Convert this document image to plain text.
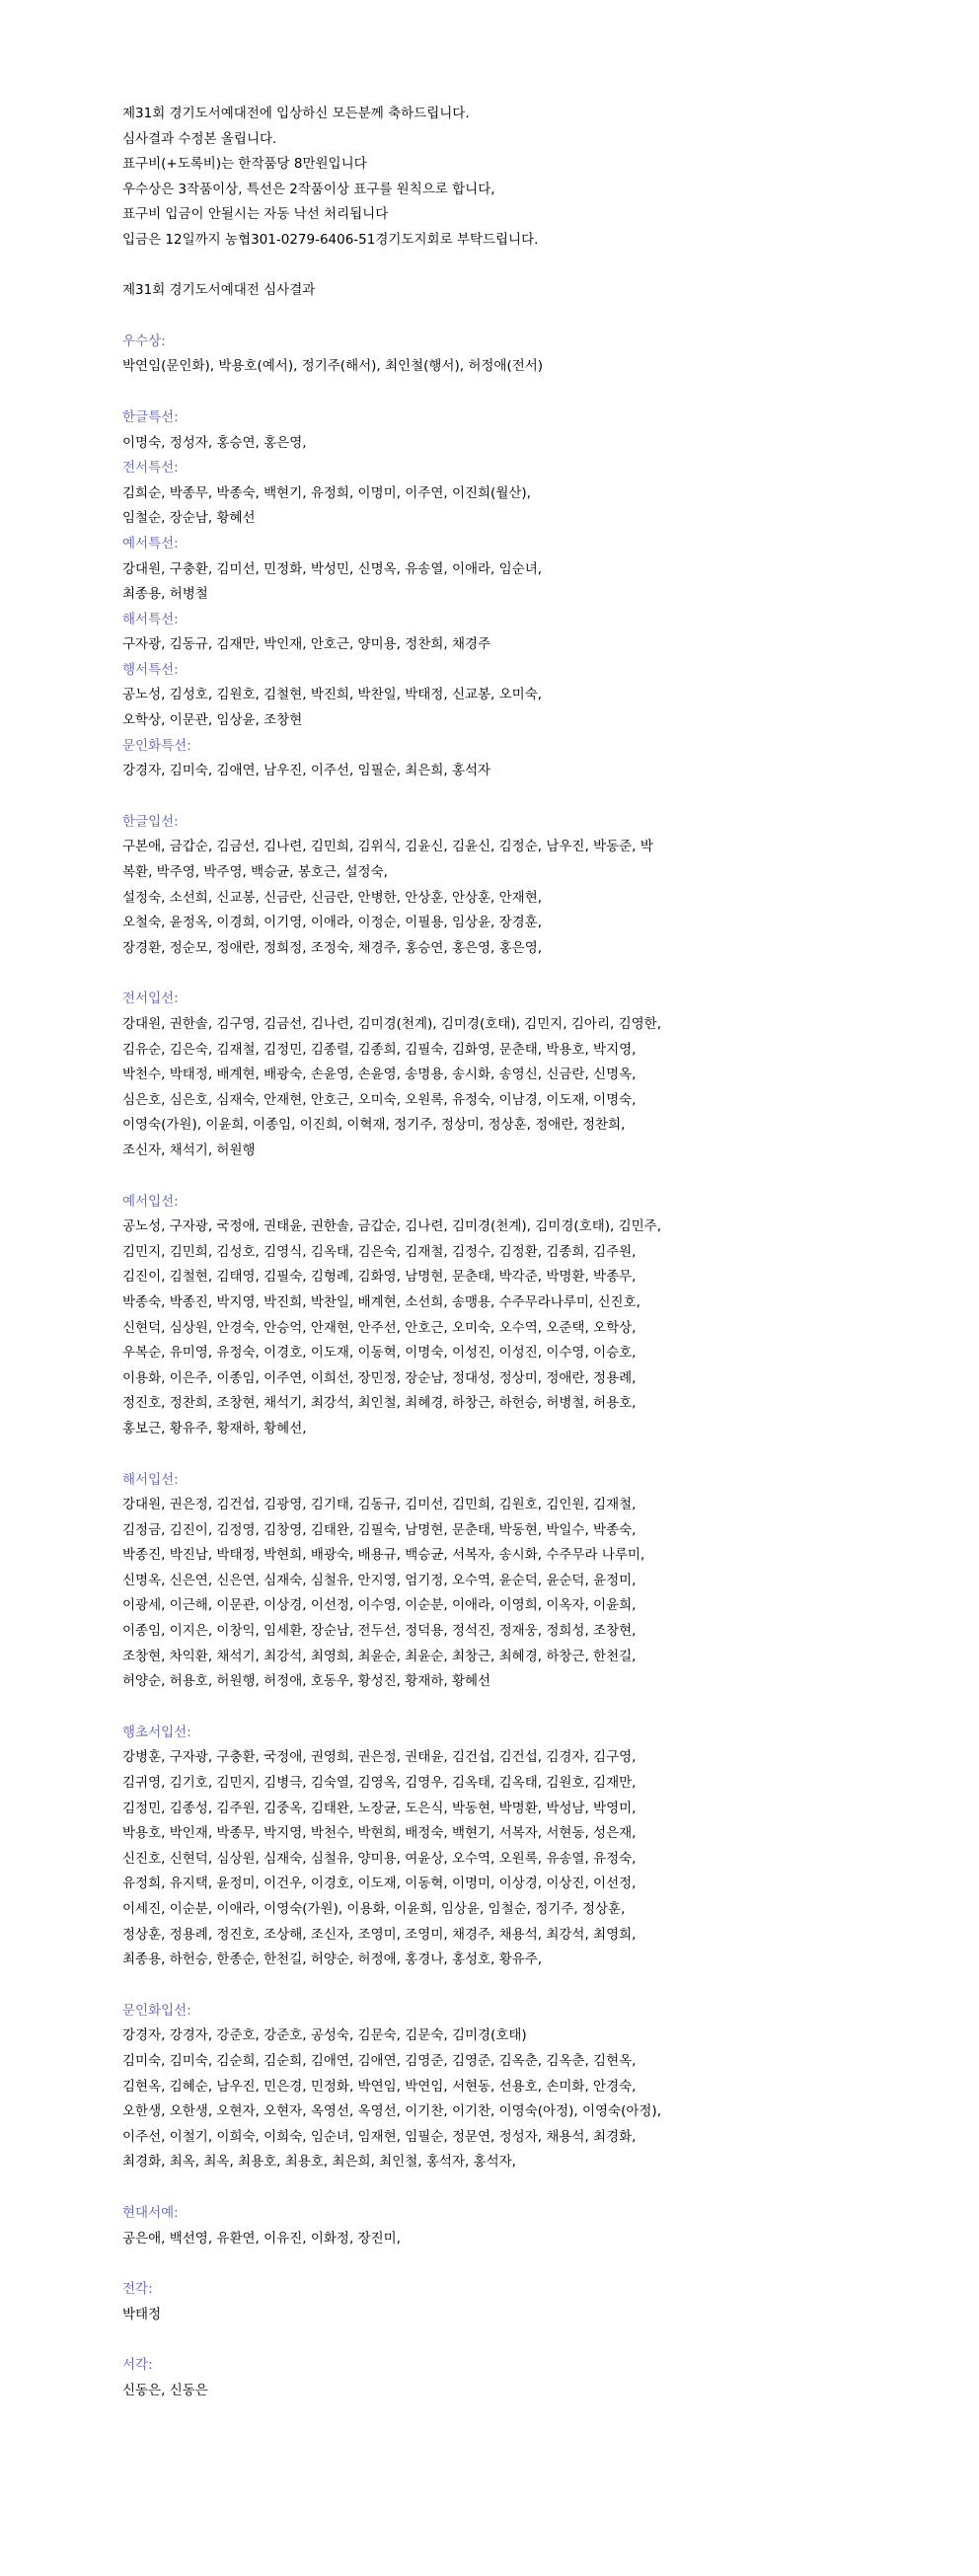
제31회 경기도서예대전에 입상하신 모든분께 축하드립니다.
심사결과 수정본 올립니다.
표구비(+도록비)는 한작품당 8만원입니다
우수상은 3작품이상, 특선은 2작품이상 표구를 원칙으로 합니다,
표구비 입금이 안될시는 자동 낙선 처리됩니다
입금은 12일까지 농협301-0279-6406-51경기도지회로 부탁드립니다.
제31회 경기도서예대전 심사결과
우수상:
박연임(문인화), 박용호(예서), 정기주(해서), 최인철(행서), 허정애(전서)
한글특선:
이명숙, 정성자, 홍승연, 홍은영,
전서특선:
김희순, 박종무, 박종숙, 백현기, 유정희, 이명미, 이주연, 이진희(월산),
임철순, 장순남, 황혜선
예서특선:
강대원, 구충환, 김미선, 민정화, 박성민, 신명옥, 유송열, 이애라, 임순녀,
최종용, 허병철
해서특선:
구자광, 김동규, 김재만, 박인재, 안호근, 양미용, 정찬희, 채경주
행서특선:
공노성, 김성호, 김원호, 김철현, 박진희, 박찬일, 박태정, 신교봉, 오미숙,
오학상, 이문관, 임상윤, 조창현
문인화특선:
강경자, 김미숙, 김애연, 남우진, 이주선, 임필순, 최은희, 홍석자
한글입선:
구본애, 금갑순, 김금선, 김나련, 김민희, 김위식, 김윤신, 김윤신, 김정순, 남우진, 박동준, 박
복환, 박주영, 박주영, 백승균, 봉호근, 설정숙,
설정숙, 소선희, 신교봉, 신금란, 신금란, 안병한, 안상훈, 안상훈, 안재현,
오철숙, 윤정옥, 이경희, 이기영, 이애라, 이정순, 이필용, 임상윤, 장경훈,
장경환, 정순모, 정애란, 정희정, 조정숙, 채경주, 홍승연, 홍은영, 홍은영,
전서입선:
강대원, 권한솔, 김구영, 김금선, 김나련, 김미경(천계), 김미경(호태), 김민지, 김아리, 김영한,
김유순, 김은숙, 김재철, 김정민, 김종렬, 김종희, 김필숙, 김화영, 문춘태, 박용호, 박지영,
박천수, 박태정, 배계현, 배광숙, 손윤영, 손윤영, 송명용, 송시화, 송영신, 신금란, 신명옥,
심은호, 심은호, 심재숙, 안재현, 안호근, 오미숙, 오원록, 유정숙, 이남경, 이도재, 이명숙,
이영숙(가원), 이윤희, 이종임, 이진희, 이혁재, 정기주, 정상미, 정상훈, 정애란, 정찬희,
조신자, 채석기, 허원행
예서입선:
공노성, 구자광, 국정애, 권태윤, 권한솔, 금갑순, 김나련, 김미경(천계), 김미경(호태), 김민주,
김민지, 김민희, 김성호, 김영식, 김옥태, 김은숙, 김재철, 김정수, 김정환, 김종희, 김주원,
김진이, 김철현, 김태영, 김필숙, 김형례, 김화영, 남명현, 문춘태, 박각준, 박명환, 박종무,
박종숙, 박종진, 박지영, 박진희, 박찬일, 배계현, 소선희, 송맹용, 수주무라나루미, 신진호,
신현덕, 심상원, 안경숙, 안승억, 안재현, 안주선, 안호근, 오미숙, 오수역, 오준택, 오학상,
우복순, 유미영, 유정숙, 이경호, 이도재, 이동혁, 이명숙, 이성진, 이성진, 이수영, 이승호,
이용화, 이은주, 이종임, 이주연, 이희선, 장민정, 장순남, 정대성, 정상미, 정애란, 정용례,
정진호, 정찬희, 조창현, 채석기, 최강석, 최인철, 최혜경, 하창근, 하헌승, 허병철, 허용호,
홍보근, 황유주, 황재하, 황혜선,
해서입선:
강대원, 권은정, 김건섭, 김광영, 김기태, 김동규, 김미선, 김민희, 김원호, 김인원, 김재철,
김정금, 김진이, 김정영, 김창영, 김태완, 김필숙, 남명현, 문춘태, 박동현, 박일수, 박종숙,
박종진, 박진남, 박태정, 박현희, 배광숙, 배용규, 백승균, 서복자, 송시화, 수주무라 나루미,
신명옥, 신은연, 신은연, 심재숙, 심철유, 안지영, 엄기정, 오수역, 윤순덕, 윤순덕, 윤정미,
이광세, 이근해, 이문관, 이상경, 이선정, 이수영, 이순분, 이애라, 이영희, 이옥자, 이윤희,
이종임, 이지은, 이창익, 임세환, 장순남, 전두선, 정덕용, 정석진, 정재웅, 정희성, 조창현,
조창현, 차익환, 채석기, 최강석, 최영희, 최윤순, 최윤순, 최창근, 최혜경, 하창근, 한천길,
허양순, 허용호, 허원행, 허정애, 호동우, 황성진, 황재하, 황혜선
행초서입선:
강병훈, 구자광, 구충환, 국정애, 권영희, 권은정, 권태윤, 김건섭, 김건섭, 김경자, 김구영,
김귀영, 김기호, 김민지, 김병극, 김숙열, 김영옥, 김영우, 김옥태, 김옥태, 김원호, 김재만,
김정민, 김종성, 김주원, 김중옥, 김태완, 노장균, 도은식, 박동현, 박명환, 박성남, 박영미,
박용호, 박인재, 박종무, 박지영, 박천수, 박현희, 배정숙, 백현기, 서복자, 서현동, 성은재,
신진호, 신현덕, 심상원, 심재숙, 심철유, 양미용, 여윤상, 오수역, 오원록, 유송열, 유정숙,
유정희, 유지택, 윤정미, 이건우, 이경호, 이도재, 이동혁, 이명미, 이상경, 이상진, 이선정,
이세진, 이순분, 이애라, 이영숙(가원), 이용화, 이윤희, 임상윤, 임철순, 정기주, 정상훈,
정상훈, 정용례, 정진호, 조상해, 조신자, 조영미, 조영미, 채경주, 채용석, 최강석, 최영희,
최종용, 하헌승, 한종순, 한천길, 허양순, 허정애, 홍경나, 홍성호, 황유주,
문인화입선:
강경자, 강경자, 강준호, 강준호, 공성숙, 김문숙, 김문숙, 김미경(호태)
김미숙, 김미숙, 김순희, 김순희, 김애연, 김애연, 김영준, 김영준, 김옥춘, 김옥춘, 김현옥,
김현옥, 김혜순, 남우진, 민은경, 민정화, 박연임, 박연임, 서현동, 선용호, 손미화, 안경숙,
오한생, 오한생, 오현자, 오현자, 옥영선, 옥영선, 이기찬, 이기찬, 이영숙(아정), 이영숙(아정),
이주선, 이철기, 이희숙, 이희숙, 임순녀, 임재현, 임필순, 정문연, 정성자, 채용석, 최경화,
최경화, 최옥, 최옥, 최용호, 최용호, 최은희, 최인철, 홍석자, 홍석자,
현대서예:
공은애, 백선영, 유환연, 이유진, 이화정, 장진미,
전각:
박태정
서각:
신동은, 신동은
